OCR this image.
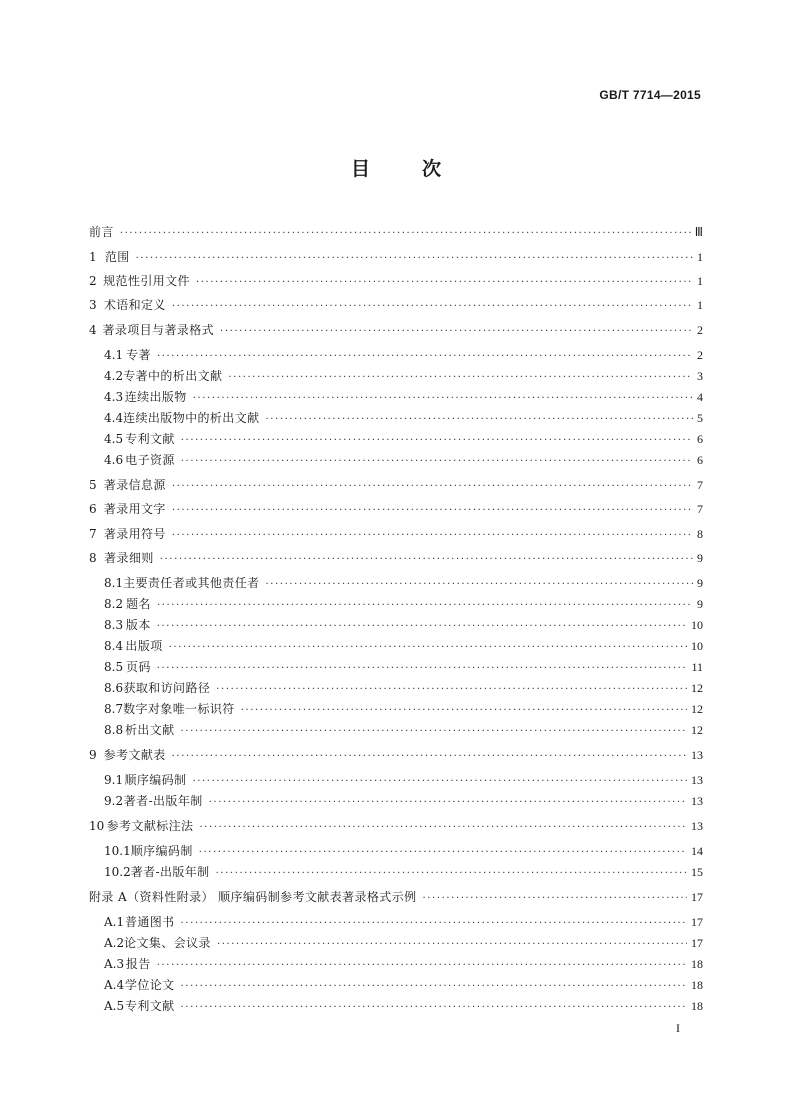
GB/T 7714—2015
目	次
前言 ·····	Ⅲ
1 范围 ·····	1
2 规范性引用文件 ·····	1
3 术语和定义 ·····	1
4 著录项目与著录格式 ·····	2
4.1 专著 ·····	2
4.2 专著中的析出文献 ·····	3
4.3 连续出版物 ·····	4
4.4 连续出版物中的析出文献 ·····	5
4.5 专利文献 ·····	6
4.6 电子资源 ·····	6
5 著录信息源 ·····	7
6 著录用文字 ·····	7
7 著录用符号 ·····	8
8 著录细则 ·····	9
8.1 主要责任者或其他责任者 ·····	9
8.2 题名 ·····	9
8.3 版本 ·····	10
8.4 出版项 ·····	10
8.5 页码 ·····	11
8.6 获取和访问路径 ·····	12
8.7 数字对象唯一标识符 ·····	12
8.8 析出文献 ·····	12
9 参考文献表 ·····	13
9.1 顺序编码制 ·····	13
9.2 著者-出版年制 ·····	13
10 参考文献标注法 ·····	13
10.1 顺序编码制 ·····	14
10.2 著者-出版年制 ·····	15
附录 A（资料性附录） 顺序编码制参考文献表著录格式示例 ·····	17
A.1 普通图书 ·····	17
A.2 论文集、会议录 ·····	17
A.3 报告 ·····	18
A.4 学位论文 ·····	18
A.5 专利文献 ·····	18
I
